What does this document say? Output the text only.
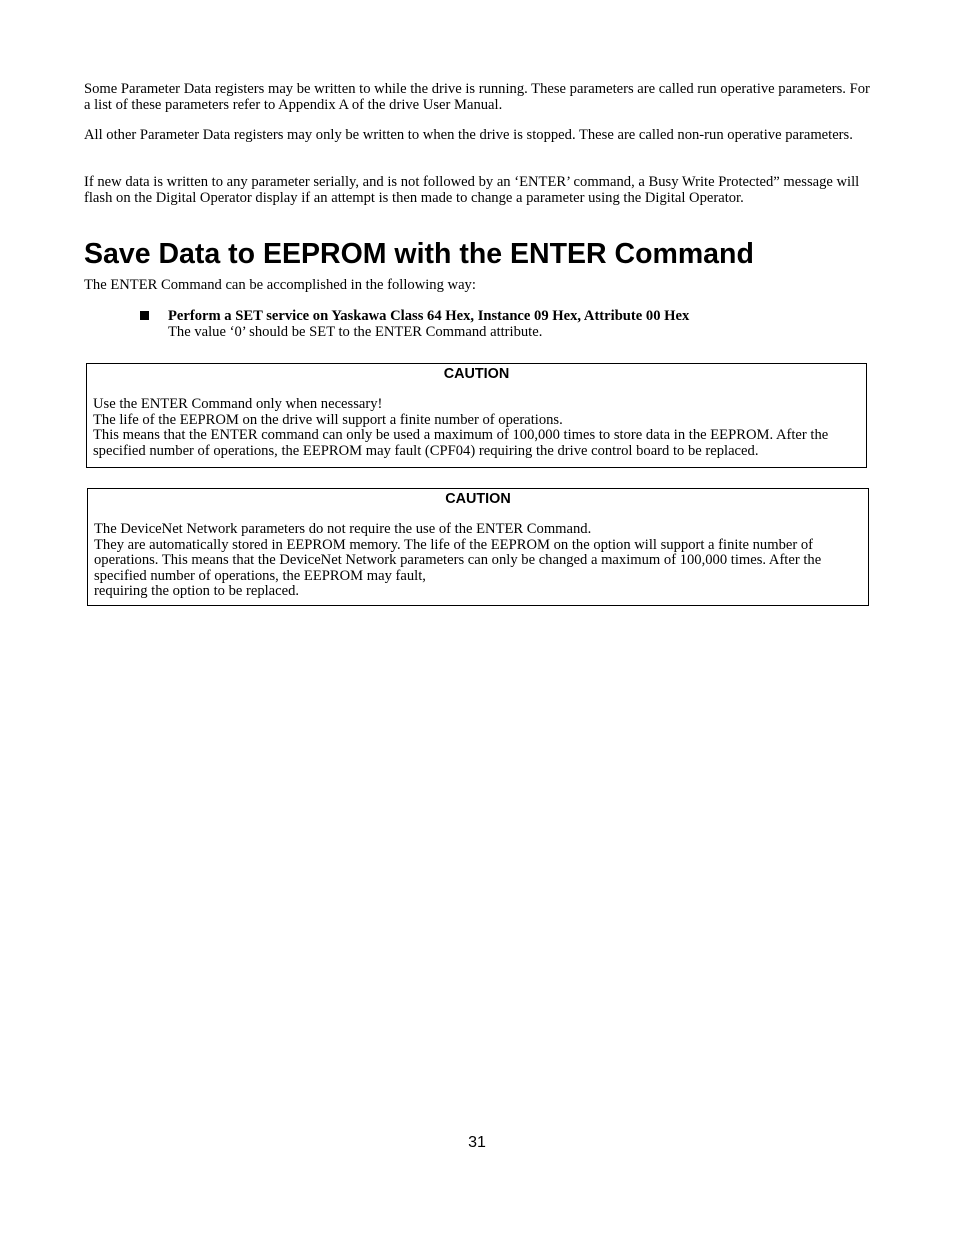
Some Parameter Data registers may be written to while the drive is running. These parameters are called run operative parameters. For a list of these parameters refer to Appendix A of the drive User Manual.

All other Parameter Data registers may only be written to when the drive is stopped. These are called non-run operative parameters.

If new data is written to any parameter serially, and is not followed by an ‘ENTER’ command, a Busy Write Protected” message will flash on the Digital Operator display if an attempt is then made to change a parameter using the Digital Operator.

Save Data to EEPROM with the ENTER Command

The ENTER Command can be accomplished in the following way:

Perform a SET service on Yaskawa Class 64 Hex, Instance 09 Hex, Attribute 00 Hex

The value ‘0’ should be SET to the ENTER Command attribute.

CAUTION

Use the ENTER Command only when necessary!
The life of the EEPROM on the drive will support a finite number of operations.
This means that the ENTER command can only be used a maximum of 100,000 times to store data in the EEPROM. After the specified number of operations, the EEPROM may fault (CPF04) requiring the drive control board to be replaced.

CAUTION

The DeviceNet Network parameters do not require the use of the ENTER Command.
They are automatically stored in EEPROM memory. The life of the EEPROM on the option will support a finite number of operations. This means that the DeviceNet Network parameters can only be changed a maximum of 100,000 times. After the specified number of operations, the EEPROM may fault,
requiring the option to be replaced.

31
